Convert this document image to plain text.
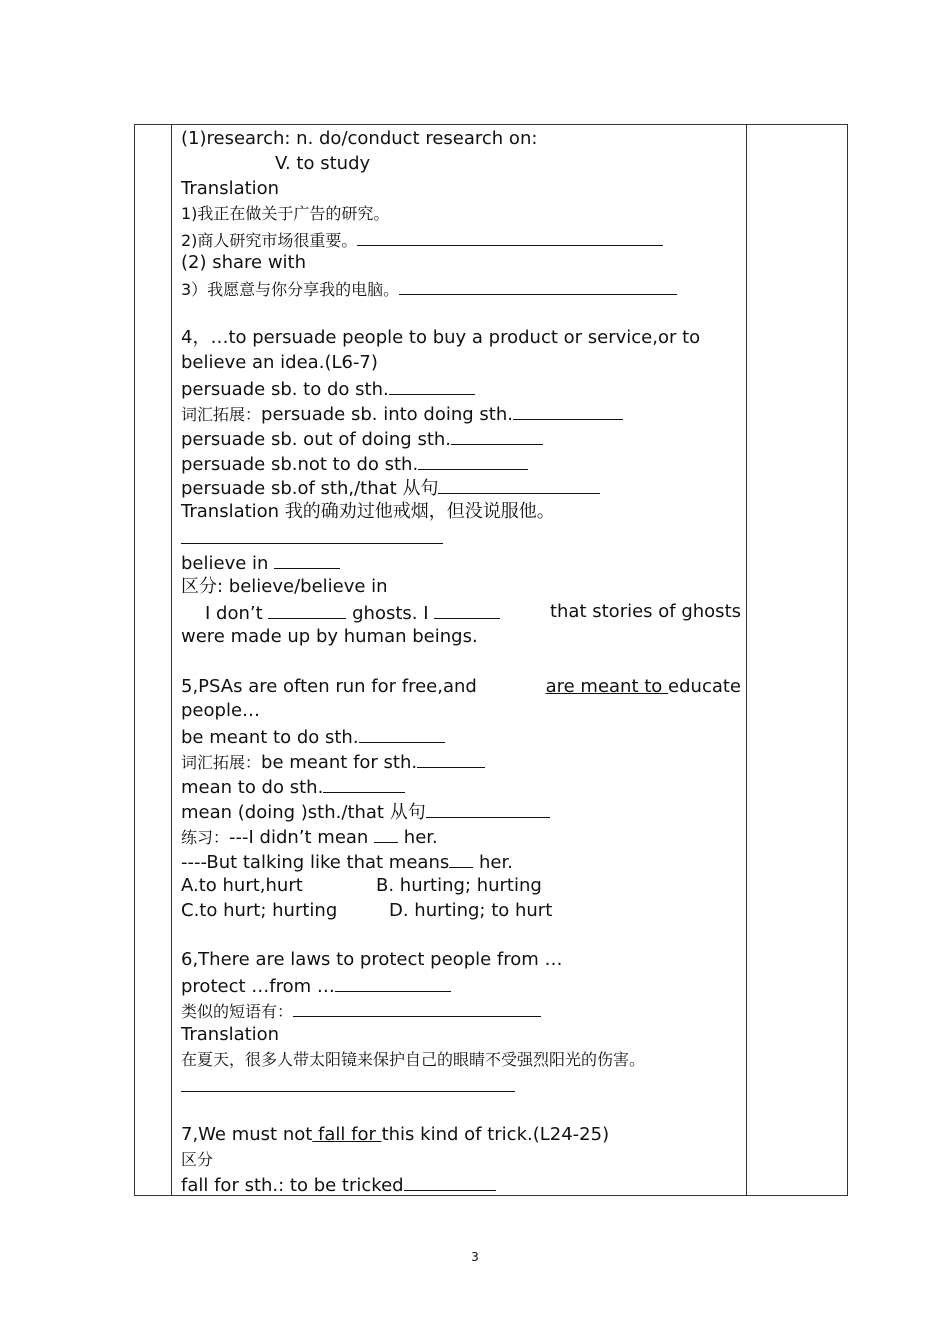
(1)research: n. do/conduct research on:
V. to study
Translation
1)我正在做关于广告的研究。
2)商人研究市场很重要。
(2) share with
3）我愿意与你分享我的电脑。
4，…to persuade people to buy a product or service,or to
believe an idea.(L6-7)
persuade sb. to do sth.
词汇拓展：persuade sb. into doing sth.
persuade sb. out of doing sth.
persuade sb.not to do sth.
persuade sb.of sth,/that 从句
Translation 我的确劝过他戒烟，但没说服他。
believe in
区分: believe/believe in
I don’t	ghosts. I	that stories of ghosts
were made up by human beings.
5,PSAs are often run for free,and	are meant to educate
people…
be meant to do sth.
词汇拓展：be meant for sth.
mean to do sth.
mean (doing )sth./that 从句
练习：---I didn’t mean  her.
----But talking like that means her.
A.to hurt,hurt	B. hurting; hurting
C.to hurt; hurting	D. hurting; to hurt
6,There are laws to protect people from …
protect …from …
类似的短语有：
Translation
在夏天，很多人带太阳镜来保护自己的眼睛不受强烈阳光的伤害。
7,We must not fall for this kind of trick.(L24-25)
区分
fall for sth.: to be tricked
3
